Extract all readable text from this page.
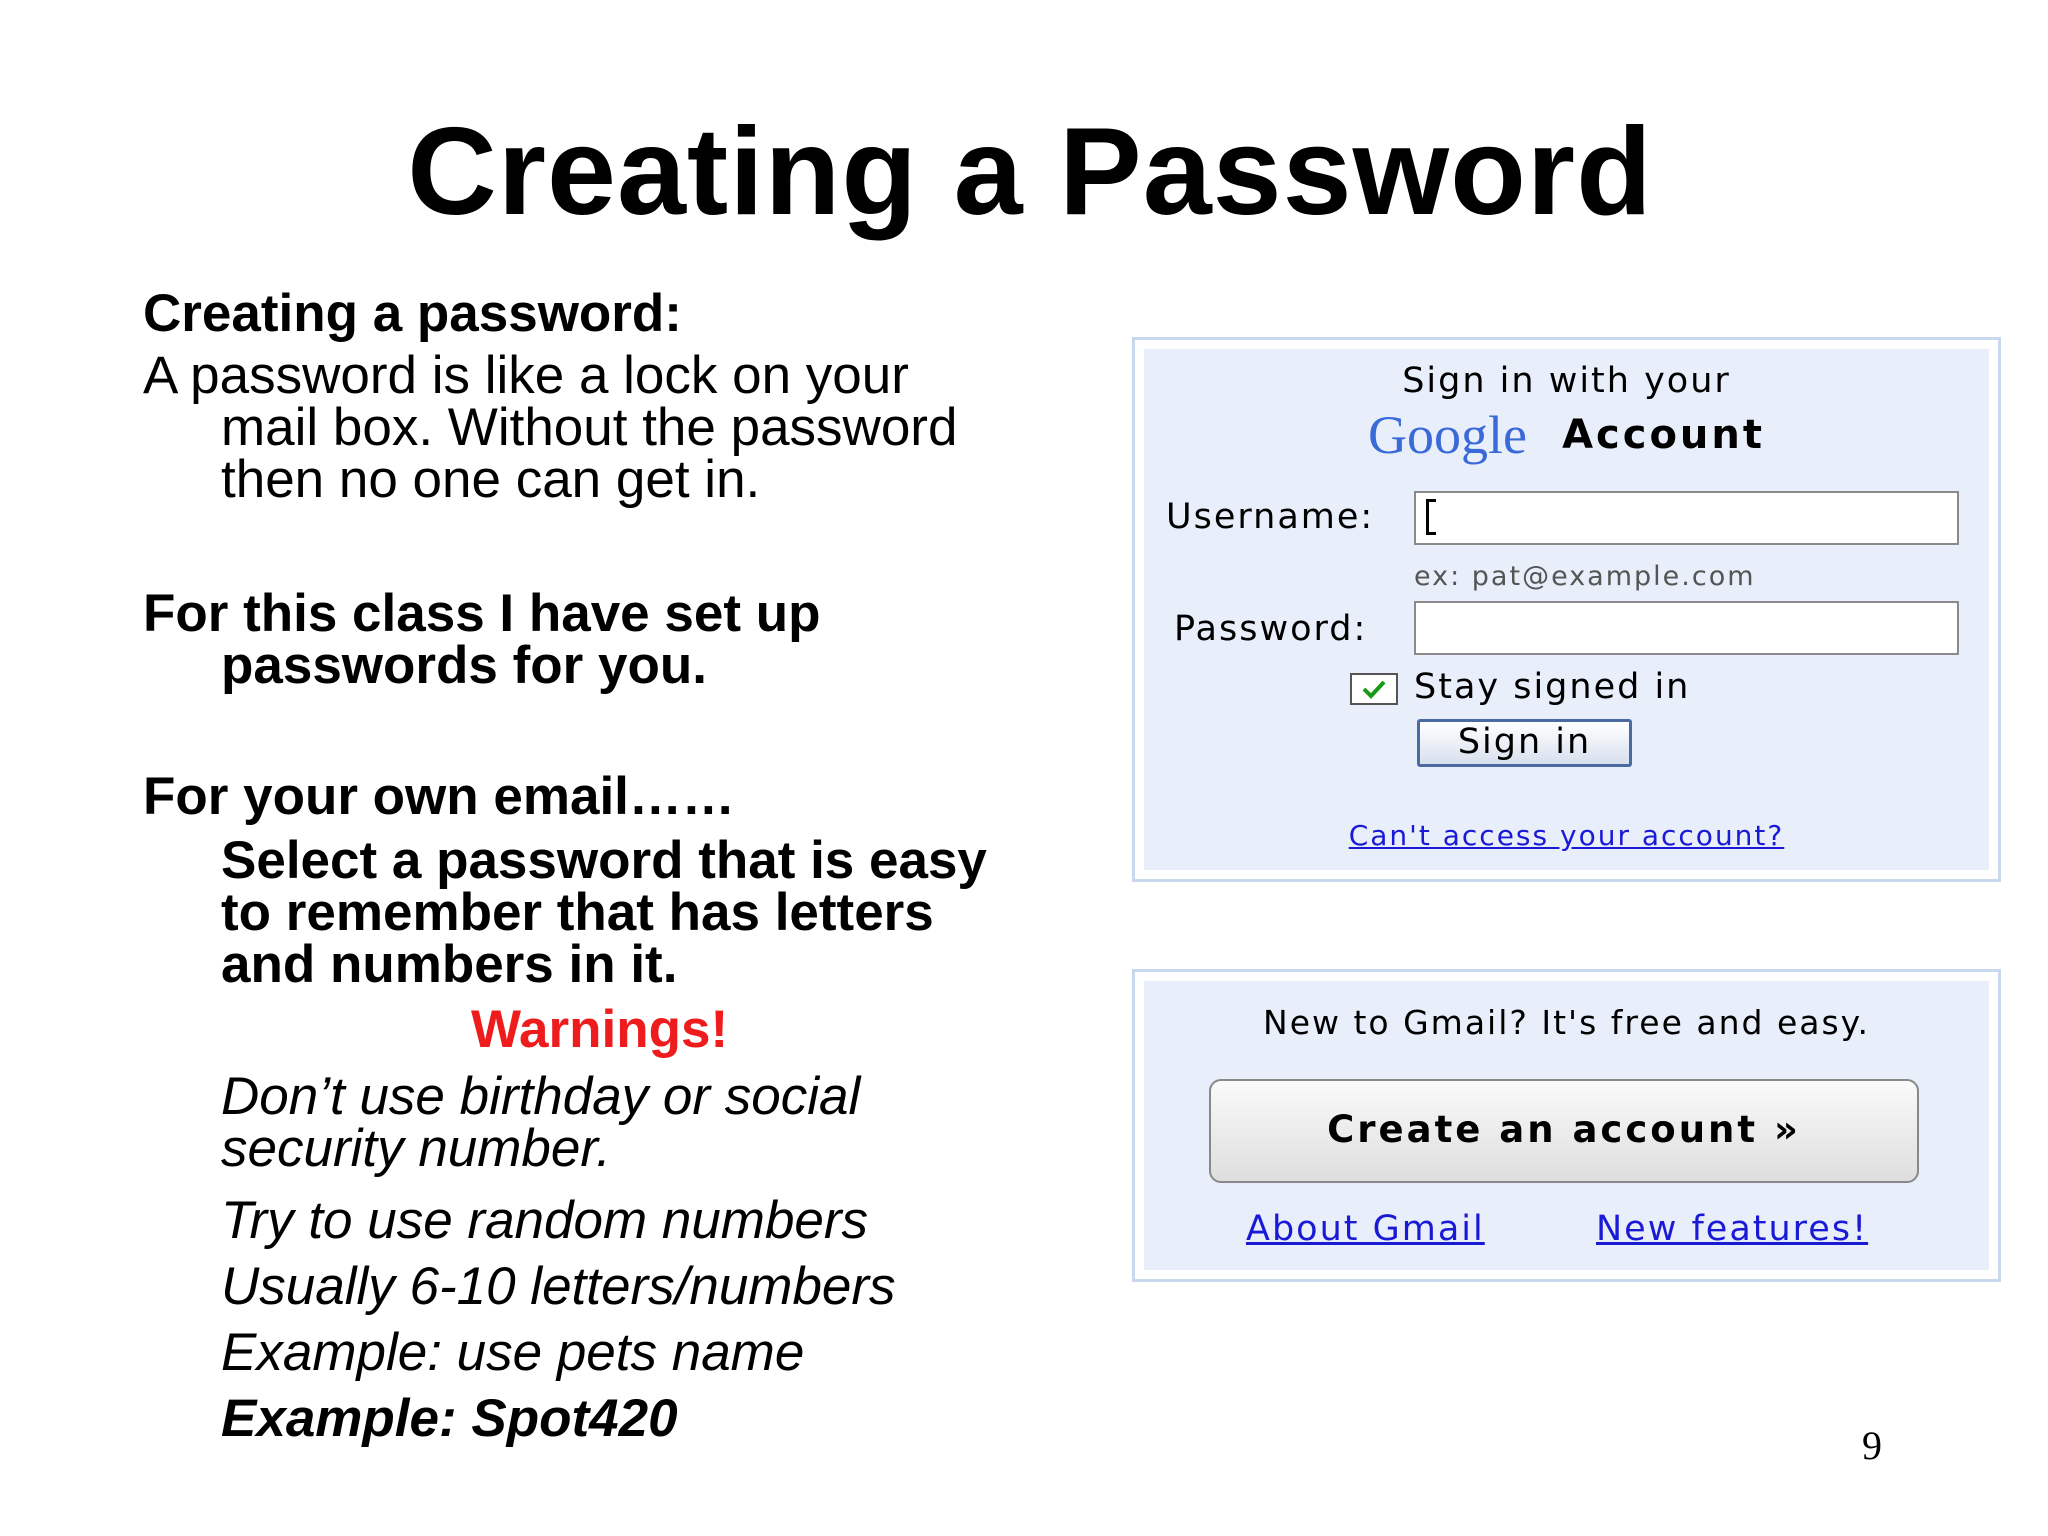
Creating a Password
Creating a password:
A password is like a lock on your
mail box. Without the password
then no one can get in.
For this class I have set up
passwords for you.
For your own email……
Select a password that is easy
to remember that has letters
and numbers in it.
Warnings!
Don’t use birthday or social
security number.
Try to use random numbers
Usually 6-10 letters/numbers
Example: use pets name
Example: Spot420
Sign in with your
Google Account
Username:
ex: pat@example.com
Password:
Stay signed in
Sign in
Can't access your account?
New to Gmail? It's free and easy.
Create an account »
About Gmail	New features!
9
